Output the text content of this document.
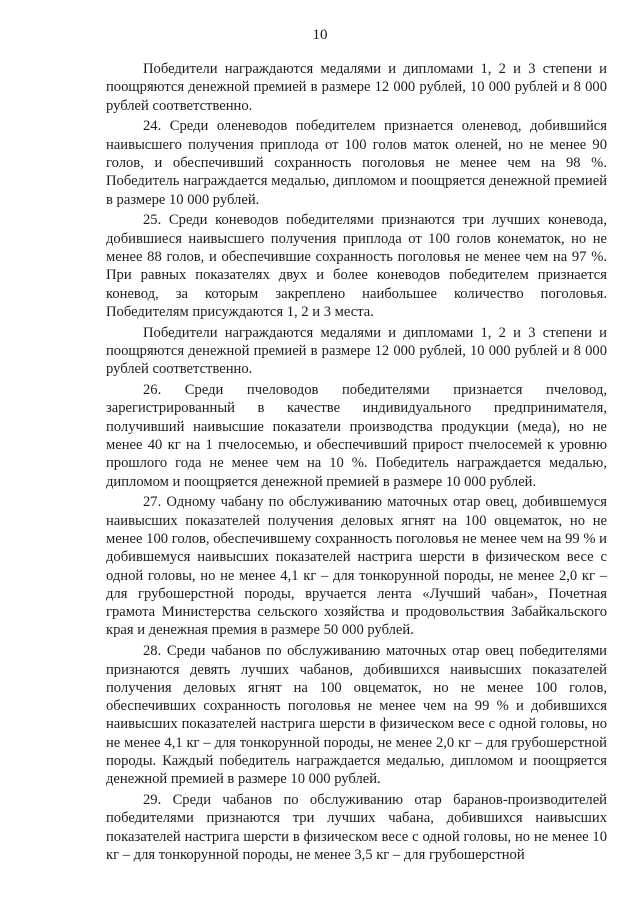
10

Победители награждаются медалями и дипломами 1, 2 и 3 степени и поощряются денежной премией в размере 12 000 рублей, 10 000 рублей и 8 000 рублей соответственно.

24. Среди оленеводов победителем признается оленевод, добившийся наивысшего получения приплода от 100 голов маток оленей, но не менее 90 голов, и обеспечивший сохранность поголовья не менее чем на 98 %. Победитель награждается медалью, дипломом и поощряется денежной премией в размере 10 000 рублей.

25. Среди коневодов победителями признаются три лучших коневода, добившиеся наивысшего получения приплода от 100 голов конематок, но не менее 88 голов, и обеспечившие сохранность поголовья не менее чем на 97 %. При равных показателях двух и более коневодов победителем признается коневод, за которым закреплено наибольшее количество поголовья. Победителям присуждаются 1, 2 и 3 места.

Победители награждаются медалями и дипломами 1, 2 и 3 степени и поощряются денежной премией в размере 12 000 рублей, 10 000 рублей и 8 000 рублей соответственно.

26. Среди пчеловодов победителями признается пчеловод, зарегистрированный в качестве индивидуального предпринимателя, получивший наивысшие показатели производства продукции (меда), но не менее 40 кг на 1 пчелосемью, и обеспечивший прирост пчелосемей к уровню прошлого года не менее чем на 10 %. Победитель награждается медалью, дипломом и поощряется денежной премией в размере 10 000 рублей.

27. Одному чабану по обслуживанию маточных отар овец, добившемуся наивысших показателей получения деловых ягнят на 100 овцематок, но не менее 100 голов, обеспечившему сохранность поголовья не менее чем на 99 % и добившемуся наивысших показателей настрига шерсти в физическом весе с одной головы, но не менее 4,1 кг – для тонкорунной породы, не менее 2,0 кг – для грубошерстной породы, вручается лента «Лучший чабан», Почетная грамота Министерства сельского хозяйства и продовольствия Забайкальского края и денежная премия в размере 50 000 рублей.

28. Среди чабанов по обслуживанию маточных отар овец победителями признаются девять лучших чабанов, добившихся наивысших показателей получения деловых ягнят на 100 овцематок, но не менее 100 голов, обеспечивших сохранность поголовья не менее чем на 99 % и добившихся наивысших показателей настрига шерсти в физическом весе с одной головы, но не менее 4,1 кг – для тонкорунной породы, не менее 2,0 кг – для грубошерстной породы. Каждый победитель награждается медалью, дипломом и поощряется денежной премией в размере 10 000 рублей.

29. Среди чабанов по обслуживанию отар баранов-производителей победителями признаются три лучших чабана, добившихся наивысших показателей настрига шерсти в физическом весе с одной головы, но не менее 10 кг – для тонкорунной породы, не менее 3,5 кг – для грубошерстной
